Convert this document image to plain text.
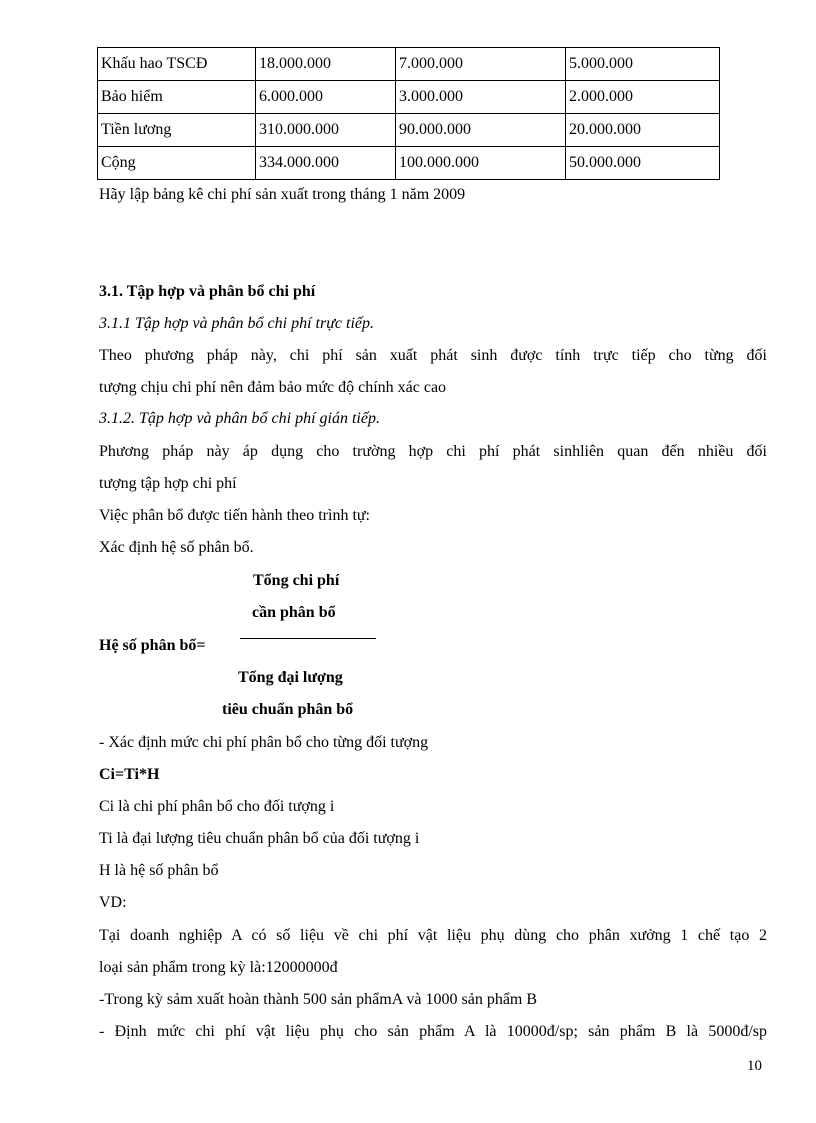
Khấu hao TSCĐ	18.000.000	7.000.000	5.000.000
Bảo hiểm	6.000.000	3.000.000	2.000.000
Tiền lương	310.000.000	90.000.000	20.000.000
Cộng	334.000.000	100.000.000	50.000.000
Hãy lập bảng kê chi phí sản xuất trong tháng 1 năm 2009
3.1. Tập hợp và phân bổ chi phí
3.1.1 Tập hợp và phân bổ chi phí trực tiếp.
Theo phương pháp này, chi phí sản xuất phát sinh được tính trực tiếp cho từng đối
tượng chịu chi phí nên đảm bảo mức độ chính xác cao
3.1.2. Tập hợp và phân bổ chi phí gián tiếp.
Phương pháp này áp dụng cho trường hợp chi phí phát sinhliên quan đến nhiều đối
tượng tập hợp chi phí
Việc phân bổ được tiến hành theo trình tự:
Xác định hệ số phân bổ.
Tổng chi phí
cần phân bổ
Hệ số phân bổ=
Tổng đại lượng
tiêu chuẩn phân bổ
- Xác định mức chi phí phân bổ cho từng đối tượng
Ci=Ti*H
Ci là chi phí phân bổ cho đối tượng i
Ti là đại lượng tiêu chuẩn phân bổ của đối tượng i
H là hệ số phân bổ
VD:
Tại doanh nghiệp A có số liệu về chi phí vật liệu phụ dùng cho phân xưởng 1 chế tạo 2
loại sản phẩm trong kỳ là:12000000đ
-Trong kỳ sảm xuất hoàn thành 500 sản phẩmA và 1000 sản phẩm B
- Định mức chi phí vật liệu phụ cho sản phẩm A là 10000đ/sp; sản phẩm B là 5000đ/sp
10
